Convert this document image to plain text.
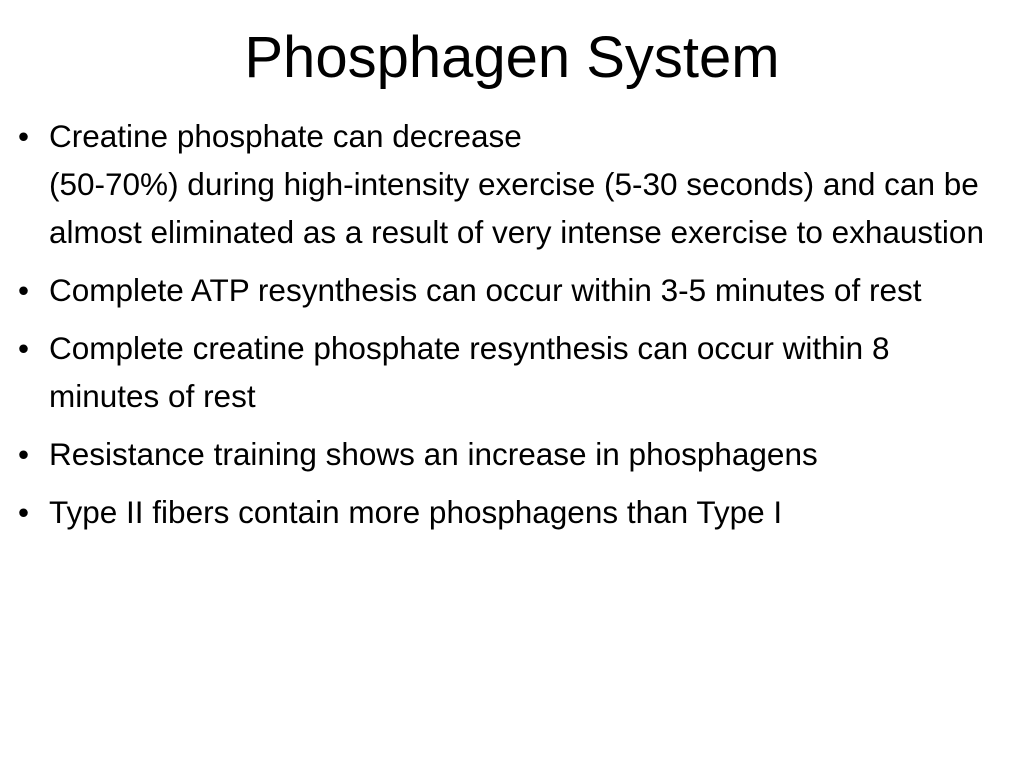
Phosphagen System
• Creatine phosphate can decrease
(50-70%) during high-intensity exercise (5-30 seconds) and can be almost eliminated as a result of very intense exercise to exhaustion
• Complete ATP resynthesis can occur within 3-5 minutes of rest
• Complete creatine phosphate resynthesis can occur within 8 minutes of rest
• Resistance training shows an increase in phosphagens
• Type II fibers contain more phosphagens than Type I
